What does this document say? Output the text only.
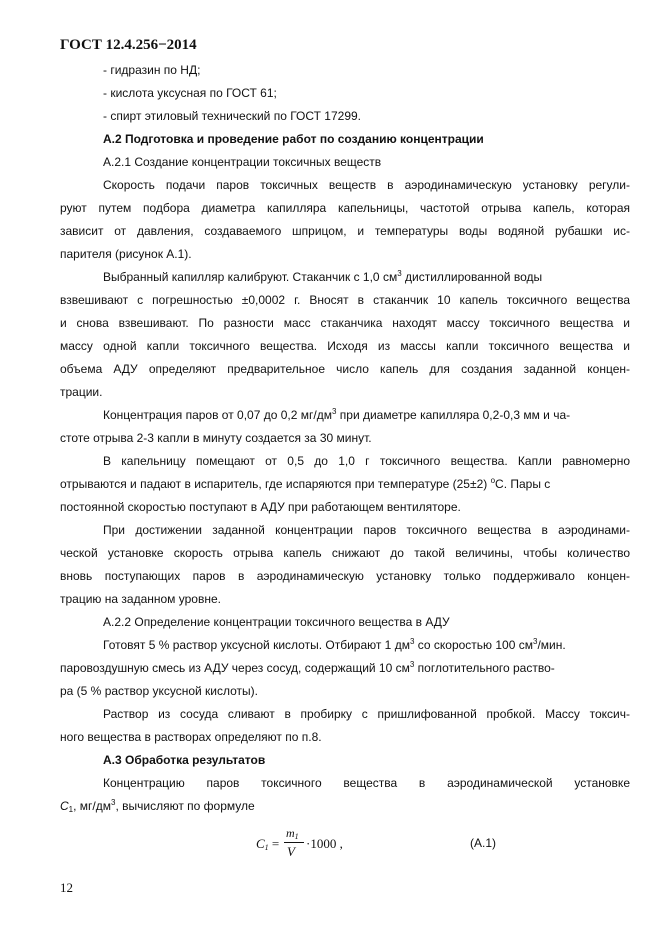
ГОСТ 12.4.256−2014
- гидразин по НД;
- кислота уксусная по ГОСТ 61;
- спирт этиловый технический по ГОСТ 17299.
А.2 Подготовка и проведение работ по созданию концентрации
А.2.1 Создание концентрации токсичных веществ
Скорость подачи паров токсичных веществ в аэродинамическую установку регули-
руют путем подбора диаметра капилляра капельницы, частотой отрыва капель, которая
зависит от давления, создаваемого шприцом, и температуры воды водяной рубашки ис-
парителя (рисунок А.1).
Выбранный капилляр калибруют. Стаканчик с 1,0 $см^3$ дистиллированной воды
взвешивают с погрешностью ±0,0002 г. Вносят в стаканчик 10 капель токсичного вещества
и снова взвешивают. По разности масс стаканчика находят массу токсичного вещества и
массу одной капли токсичного вещества. Исходя из массы капли токсичного вещества и
объема АДУ определяют предварительное число капель для создания заданной концен-
трации.
Концентрация паров от 0,07 до 0,2 $мг/дм^3$ при диаметре капилляра 0,2-0,3 мм и ча-
стоте отрыва 2-3 капли в минуту создается за 30 минут.
В капельницу помещают от 0,5 до 1,0 г токсичного вещества. Капли равномерно
отрываются и падают в испаритель, где испаряются при температуре (25±2) $^о$С. Пары с
постоянной скоростью поступают в АДУ при работающем вентиляторе.
При достижении заданной концентрации паров токсичного вещества в аэродинами-
ческой установке скорость отрыва капель снижают до такой величины, чтобы количество
вновь поступающих паров в аэродинамическую установку только поддерживало концен-
трацию на заданном уровне.
А.2.2 Определение концентрации токсичного вещества в АДУ
Готовят 5 % раствор уксусной кислоты. Отбирают 1 $дм^3$ со скоростью 100 $см^3$/мин.
паровоздушную смесь из АДУ через сосуд, содержащий 10 $см^3$ поглотительного раство-
ра (5 % раствор уксусной кислоты).
Раствор из сосуда сливают в пробирку с пришлифованной пробкой. Массу токсич-
ного вещества в растворах определяют по п.8.
А.3 Обработка результатов
Концентрацию паров токсичного вещества в аэродинамической установке
$C_1$, $мг/дм^3$, вычисляют по формуле
$C_1$ =
$m_1$
V
·1000 ,	(А.1)
12
